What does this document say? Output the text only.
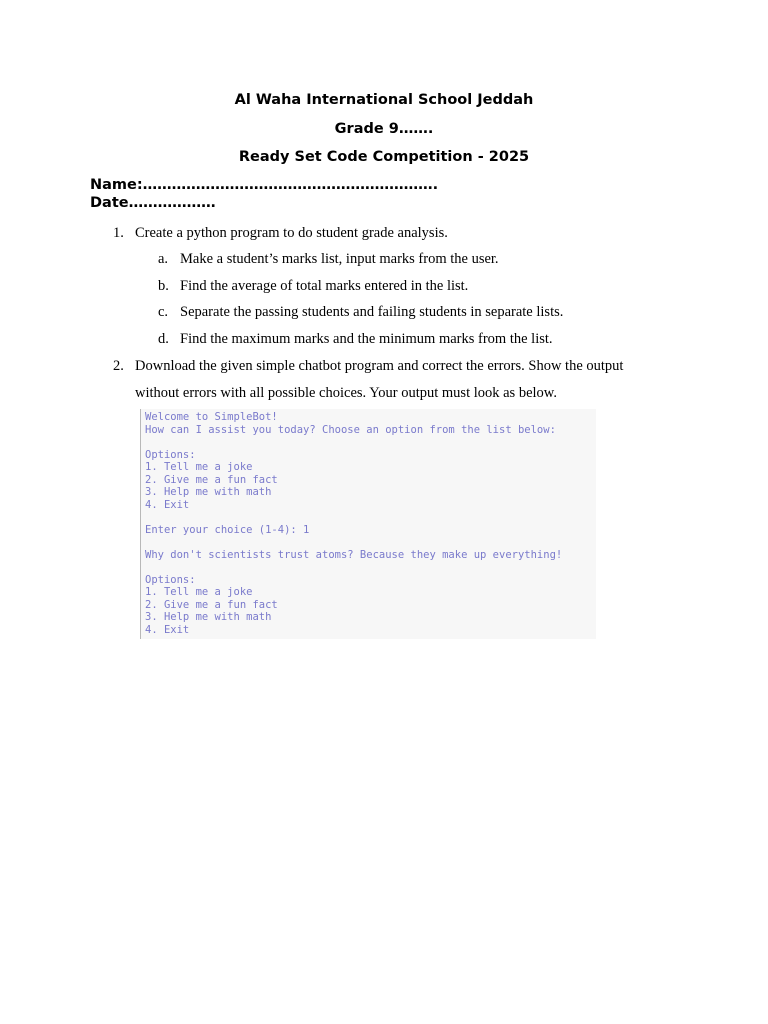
Al Waha International School Jeddah
Grade 9…….
Ready Set Code Competition - 2025
Name:…………………………………………………….
Date………………
1. Create a python program to do student grade analysis.
a. Make a student’s marks list, input marks from the user.
b. Find the average of total marks entered in the list.
c. Separate the passing students and failing students in separate lists.
d. Find the maximum marks and the minimum marks from the list.
2. Download the given simple chatbot program and correct the errors. Show the output
without errors with all possible choices. Your output must look as below.
Welcome to SimpleBot!
How can I assist you today? Choose an option from the list below:
Options:
1. Tell me a joke
2. Give me a fun fact
3. Help me with math
4. Exit
Enter your choice (1-4): 1
Why don't scientists trust atoms? Because they make up everything!
Options:
1. Tell me a joke
2. Give me a fun fact
3. Help me with math
4. Exit
